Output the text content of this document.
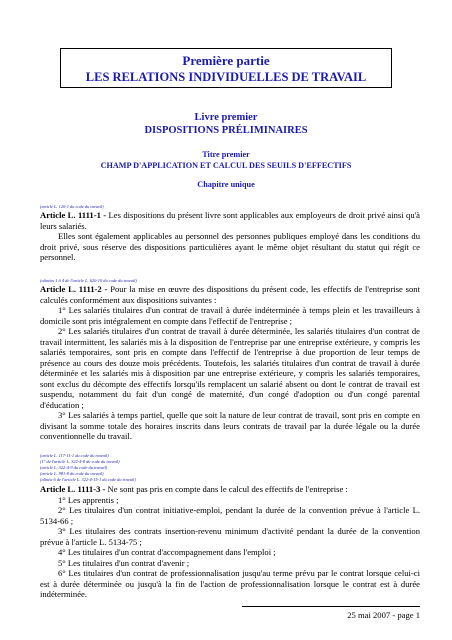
Première partie
LES RELATIONS INDIVIDUELLES DE TRAVAIL
Livre premier
DISPOSITIONS PRÉLIMINAIRES
Titre premier
CHAMP D'APPLICATION ET CALCUL DES SEUILS D'EFFECTIFS
Chapitre unique
(article L. 120-1 du code du travail)

Article L. 1111-1 - Les dispositions du présent livre sont applicables aux employeurs de droit privé ainsi qu'à leurs salariés.

Elles sont également applicables au personnel des personnes publiques employé dans les conditions du droit privé, sous réserve des dispositions particulières ayant le même objet résultant du statut qui régit ce personnel.

(alinéas 1 à 4 de l'article L. 620-10 du code du travail)

Article L. 1111-2 - Pour la mise en œuvre des dispositions du présent code, les effectifs de l'entreprise sont calculés conformément aux dispositions suivantes :

1° Les salariés titulaires d'un contrat de travail à durée indéterminée à temps plein et les travailleurs à domicile sont pris intégralement en compte dans l'effectif de l'entreprise ;

2° Les salariés titulaires d'un contrat de travail à durée déterminée, les salariés titulaires d'un contrat de travail intermittent, les salariés mis à la disposition de l'entreprise par une entreprise extérieure, y compris les salariés temporaires, sont pris en compte dans l'effectif de l'entreprise à due proportion de leur temps de présence au cours des douze mois précédents. Toutefois, les salariés titulaires d'un contrat de travail à durée déterminée et les salariés mis à disposition par une entreprise extérieure, y compris les salariés temporaires, sont exclus du décompte des effectifs lorsqu'ils remplacent un salarié absent ou dont le contrat de travail est suspendu, notamment du fait d'un congé de maternité, d'un congé d'adoption ou d'un congé parental d'éducation ;

3° Les salariés à temps partiel, quelle que soit la nature de leur contrat de travail, sont pris en compte en divisant la somme totale des horaires inscrits dans leurs contrats de travail par la durée légale ou la durée conventionnelle du travail.

(article L. 117-11-1 du code du travail)
(1° de l'article L. 322-4-8 du code du travail)
(article L. 322-4-9 du code du travail)
(article L. 981-8 du code du travail)
(alinéa 6 de l'article L. 322-4-15-1 du code du travail)

Article L. 1111-3 - Ne sont pas pris en compte dans le calcul des effectifs de l'entreprise :

1° Les apprentis ;

2° Les titulaires d'un contrat initiative-emploi, pendant la durée de la convention prévue à l'article L. 5134-66 ;

3° Les titulaires des contrats insertion-revenu minimum d'activité pendant la durée de la convention prévue à l'article L. 5134-75 ;

4° Les titulaires d'un contrat d'accompagnement dans l'emploi ;

5° Les titulaires d'un contrat d'avenir ;

6° Les titulaires d'un contrat de professionnalisation jusqu'au terme prévu par le contrat lorsque celui-ci est à durée déterminée ou jusqu'à la fin de l'action de professionnalisation lorsque le contrat est à durée indéterminée.

25 mai 2007 - page 1
